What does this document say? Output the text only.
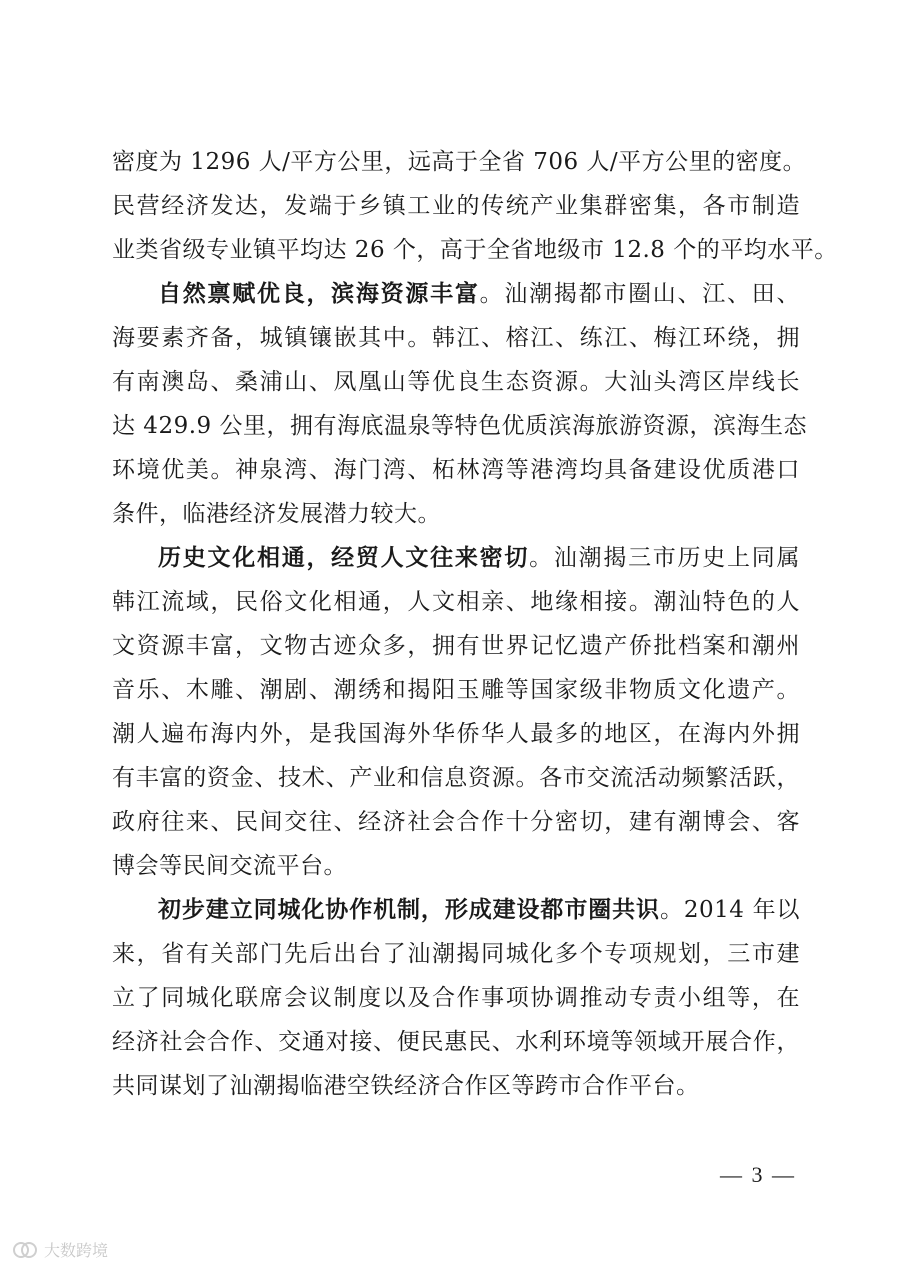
密度为 1296 人/平方公里，远高于全省 706 人/平方公里的密度。
民营经济发达，发端于乡镇工业的传统产业集群密集，各市制造
业类省级专业镇平均达 26 个，高于全省地级市 12.8 个的平均水平。
自然禀赋优良，滨海资源丰富。汕潮揭都市圈山、江、田、
海要素齐备，城镇镶嵌其中。韩江、榕江、练江、梅江环绕，拥
有南澳岛、桑浦山、凤凰山等优良生态资源。大汕头湾区岸线长
达 429.9 公里，拥有海底温泉等特色优质滨海旅游资源，滨海生态
环境优美。神泉湾、海门湾、柘林湾等港湾均具备建设优质港口
条件，临港经济发展潜力较大。
历史文化相通，经贸人文往来密切。汕潮揭三市历史上同属
韩江流域，民俗文化相通，人文相亲、地缘相接。潮汕特色的人
文资源丰富，文物古迹众多，拥有世界记忆遗产侨批档案和潮州
音乐、木雕、潮剧、潮绣和揭阳玉雕等国家级非物质文化遗产。
潮人遍布海内外，是我国海外华侨华人最多的地区，在海内外拥
有丰富的资金、技术、产业和信息资源。各市交流活动频繁活跃，
政府往来、民间交往、经济社会合作十分密切，建有潮博会、客
博会等民间交流平台。
初步建立同城化协作机制，形成建设都市圈共识。2014 年以
来，省有关部门先后出台了汕潮揭同城化多个专项规划，三市建
立了同城化联席会议制度以及合作事项协调推动专责小组等，在
经济社会合作、交通对接、便民惠民、水利环境等领域开展合作，
共同谋划了汕潮揭临港空铁经济合作区等跨市合作平台。
— 3 —
大数跨境
